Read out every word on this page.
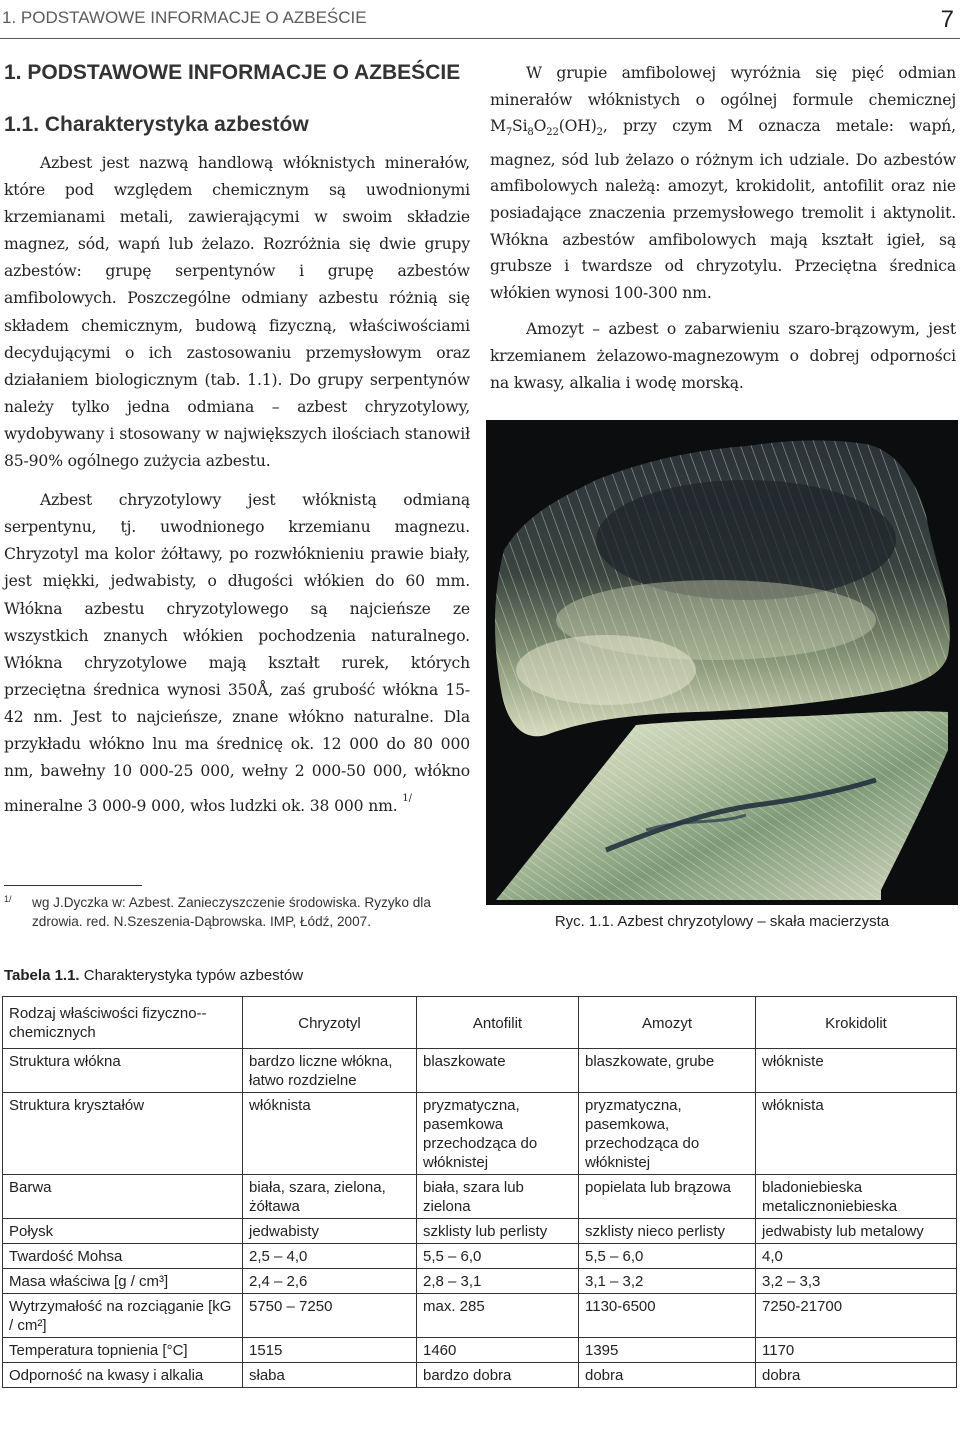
1. PODSTAWOWE INFORMACJE O AZBEŚCIE	7
1. PODSTAWOWE INFORMACJE O AZBEŚCIE
1.1. Charakterystyka azbestów

Azbest jest nazwą handlową włóknistych minerałów, które pod względem chemicznym są uwodnionymi krzemianami metali, zawierającymi w swoim składzie magnez, sód, wapń lub żelazo. Rozróżnia się dwie grupy azbestów: grupę serpentynów i grupę azbestów amfibolowych. Poszczególne odmiany azbestu różnią się składem chemicznym, budową fizyczną, właściwościami decydującymi o ich zastosowaniu przemysłowym oraz działaniem biologicznym (tab. 1.1). Do grupy serpentynów należy tylko jedna odmiana – azbest chryzotylowy, wydobywany i stosowany w największych ilościach stanowił 85-90% ogólnego zużycia azbestu.

Azbest chryzotylowy jest włóknistą odmianą serpentynu, tj. uwodnionego krzemianu magnezu. Chryzotyl ma kolor żółtawy, po rozwłóknieniu prawie biały, jest miękki, jedwabisty, o długości włókien do 60 mm. Włókna azbestu chryzotylowego są najcieńsze ze wszystkich znanych włókien pochodzenia naturalnego. Włókna chryzotylowe mają kształt rurek, których przeciętna średnica wynosi 350Å, zaś grubość włókna 15-42 nm. Jest to najcieńsze, znane włókno naturalne. Dla przykładu włókno lnu ma średnicę ok. 12 000 do 80 000 nm, bawełny 10 000-25 000, wełny 2 000-50 000, włókno mineralne 3 000-9 000, włos ludzki ok. 38 000 nm. $^{1/}$

1/ wg J.Dyczka w: Azbest. Zanieczyszczenie środowiska. Ryzyko dla zdrowia. red. N.Szeszenia-Dąbrowska. IMP, Łódź, 2007.

W grupie amfibolowej wyróżnia się pięć odmian minerałów włóknistych o ogólnej formule chemicznej $M_7Si_8O_{22}(OH)_2$, przy czym M oznacza metale: wapń, magnez, sód lub żelazo o różnym ich udziale. Do azbestów amfibolowych należą: amozyt, krokidolit, antofilit oraz nie posiadające znaczenia przemysłowego tremolit i aktynolit. Włókna azbestów amfibolowych mają kształt igieł, są grubsze i twardsze od chryzotylu. Przeciętna średnica włókien wynosi 100-300 nm.

Amozyt – azbest o zabarwieniu szaro-brązowym, jest krzemianem żelazowo-magnezowym o dobrej odporności na kwasy, alkalia i wodę morską.

Ryc. 1.1. Azbest chryzotylowy – skała macierzysta
Tabela 1.1. Charakterystyka typów azbestów
Rodzaj właściwości fizyczno--chemicznych	Chryzotyl	Antofilit	Amozyt	Krokidolit
Struktura włókna	bardzo liczne włókna, łatwo rozdzielne	blaszkowate	blaszkowate, grube	włókniste
Struktura kryształów	włóknista	pryzmatyczna, pasemkowa przechodząca do włóknistej	pryzmatyczna, pasemkowa, przechodząca do włóknistej	włóknista
Barwa	biała, szara, zielona, żółtawa	biała, szara lub zielona	popielata lub brązowa	bladoniebieska metalicznoniebieska
Połysk	jedwabisty	szklisty lub perlisty	szklisty nieco perlisty	jedwabisty lub metalowy
Twardość Mohsa	2,5 – 4,0	5,5 – 6,0	5,5 – 6,0	4,0
Masa właściwa [g / cm³]	2,4 – 2,6	2,8 – 3,1	3,1 – 3,2	3,2 – 3,3
Wytrzymałość na rozciąganie [kG / cm²]	5750 – 7250	max. 285	1130-6500	7250-21700
Temperatura topnienia [°C]	1515	1460	1395	1170
Odporność na kwasy i alkalia	słaba	bardzo dobra	dobra	dobra
